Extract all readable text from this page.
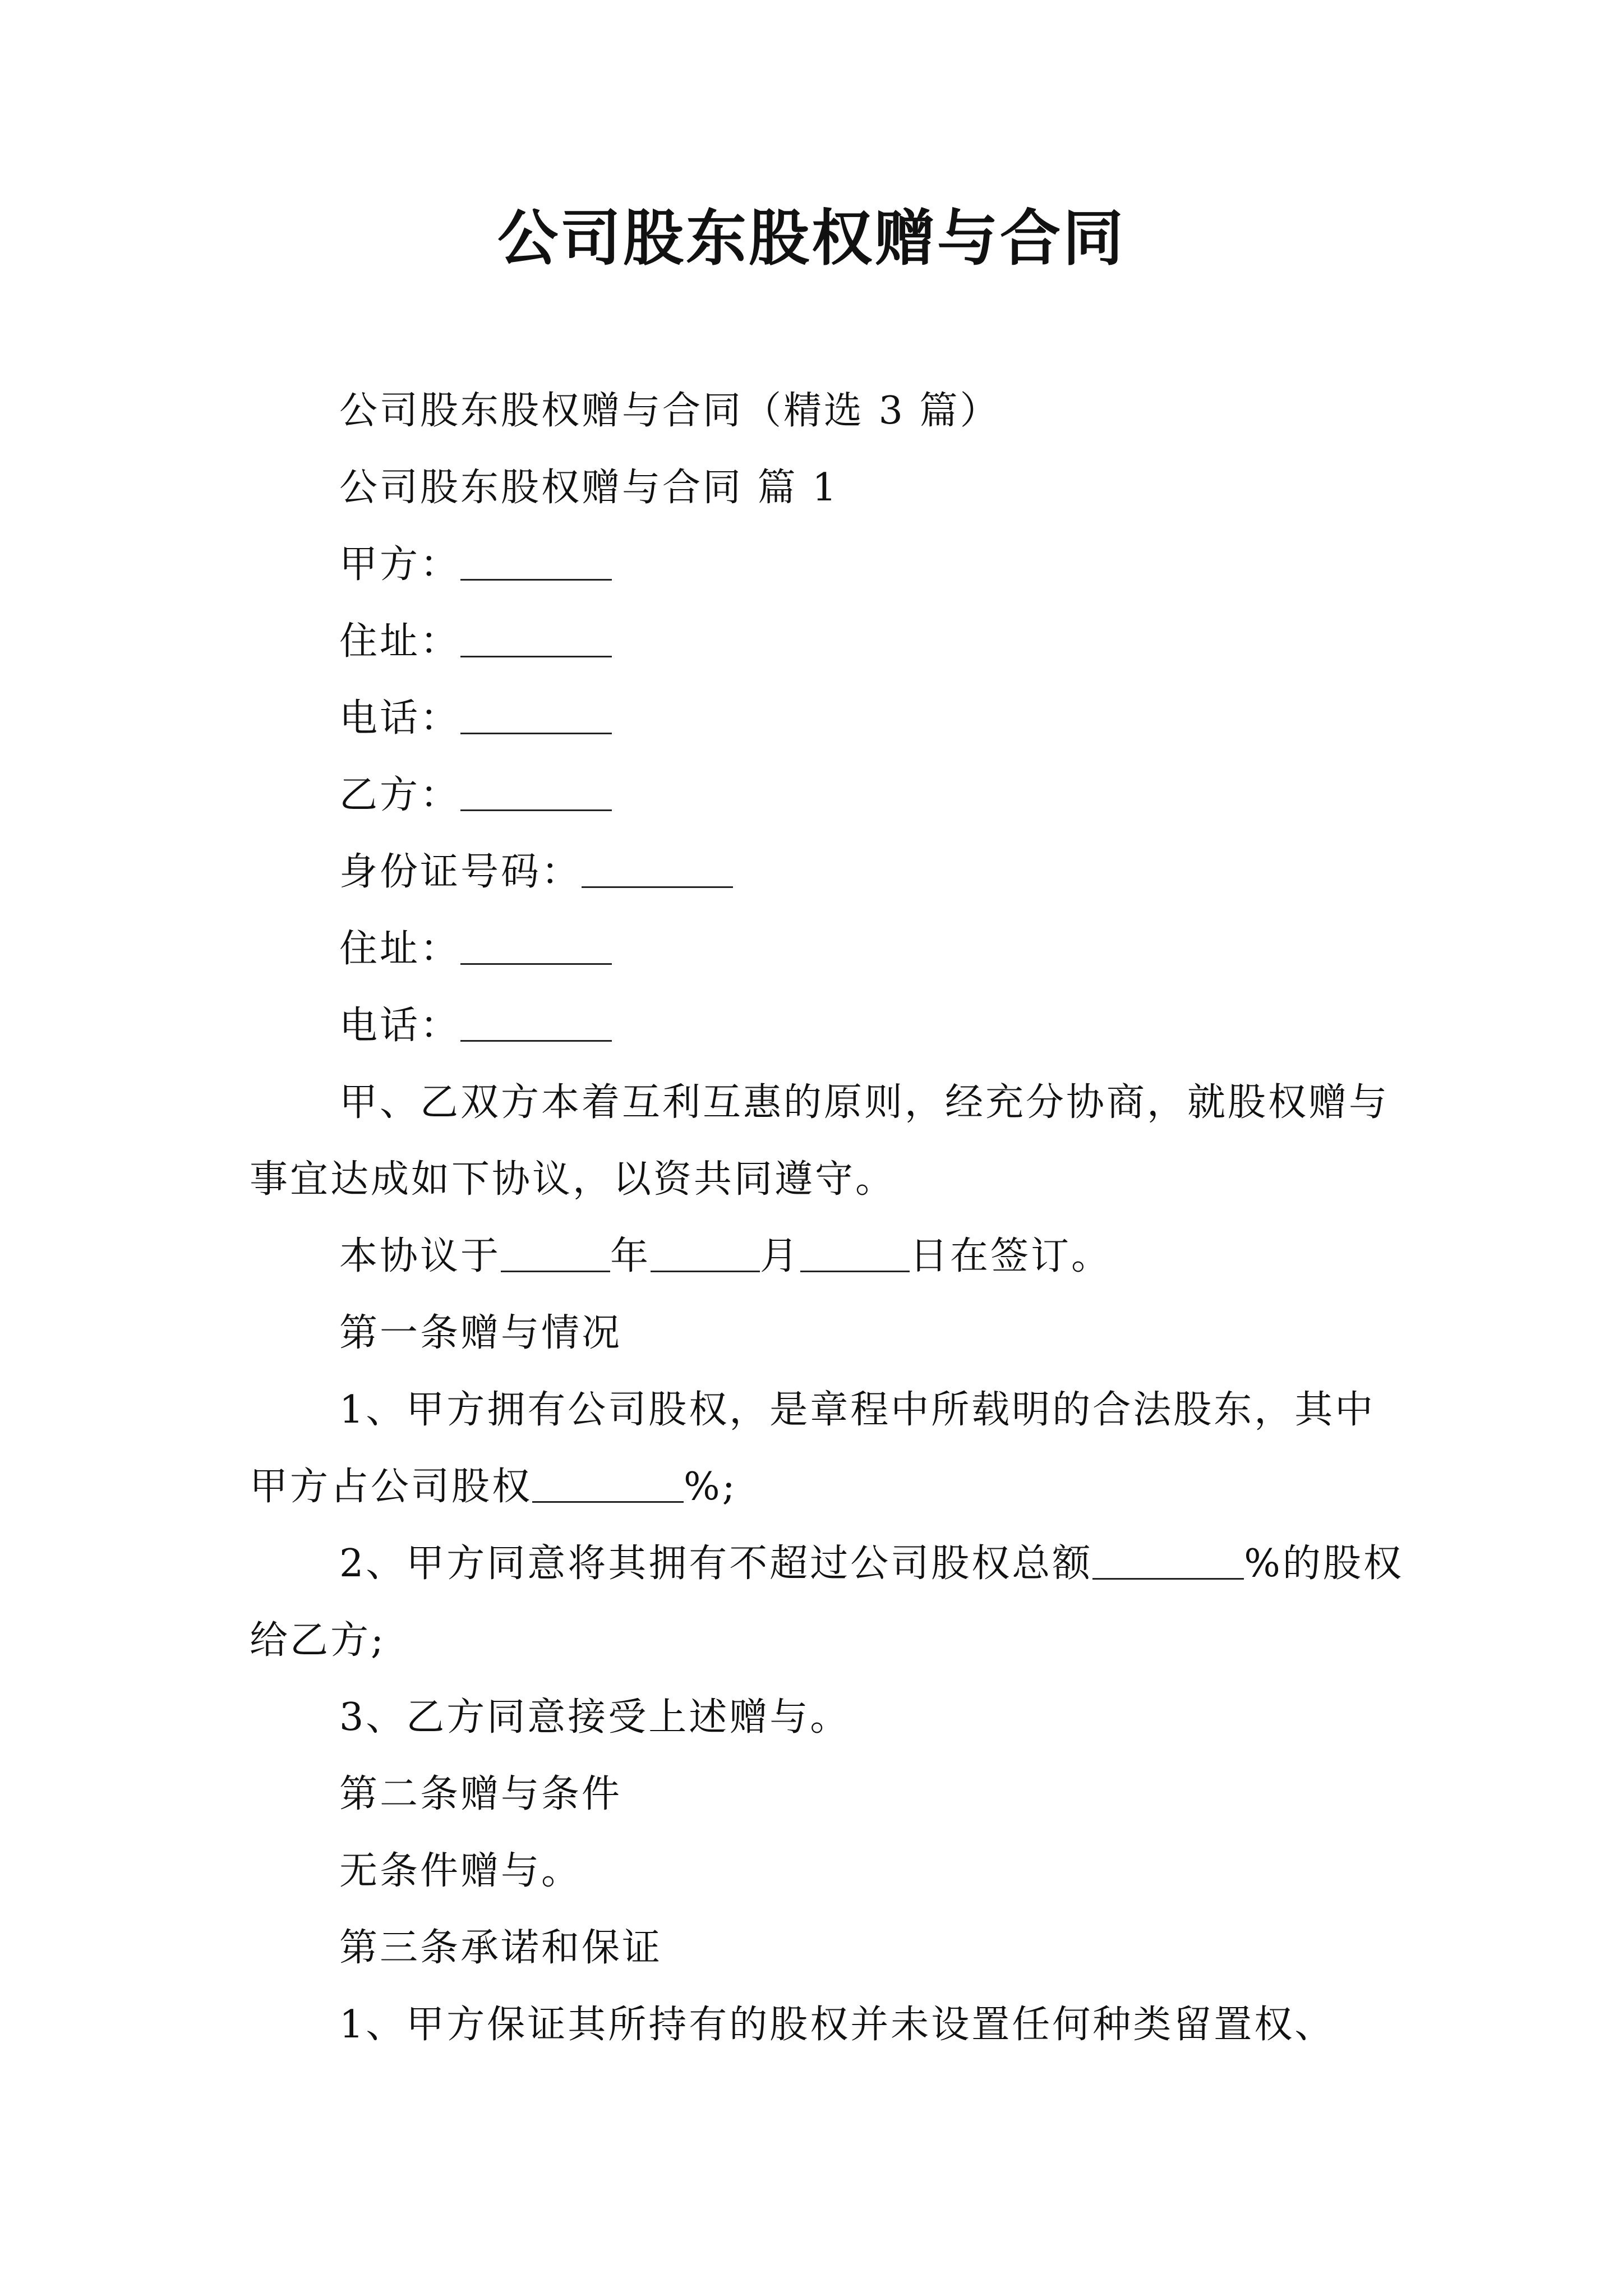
公司股东股权赠与合同

公司股东股权赠与合同（精选 3 篇）

公司股东股权赠与合同 篇 1

甲方：

住址：

电话：

乙方：

身份证号码：

住址：

电话：

甲、乙双方本着互利互惠的原则，经充分协商，就股权赠与事宜达成如下协议，以资共同遵守。

本协议于	年	月	日在签订。

第一条赠与情况

1、甲方拥有公司股权，是章程中所载明的合法股东，其中甲方占公司股权	%;

2、甲方同意将其拥有不超过公司股权总额	%的股权给乙方;

3、乙方同意接受上述赠与。

第二条赠与条件

无条件赠与。

第三条承诺和保证

1、甲方保证其所持有的股权并未设置任何种类留置权、
